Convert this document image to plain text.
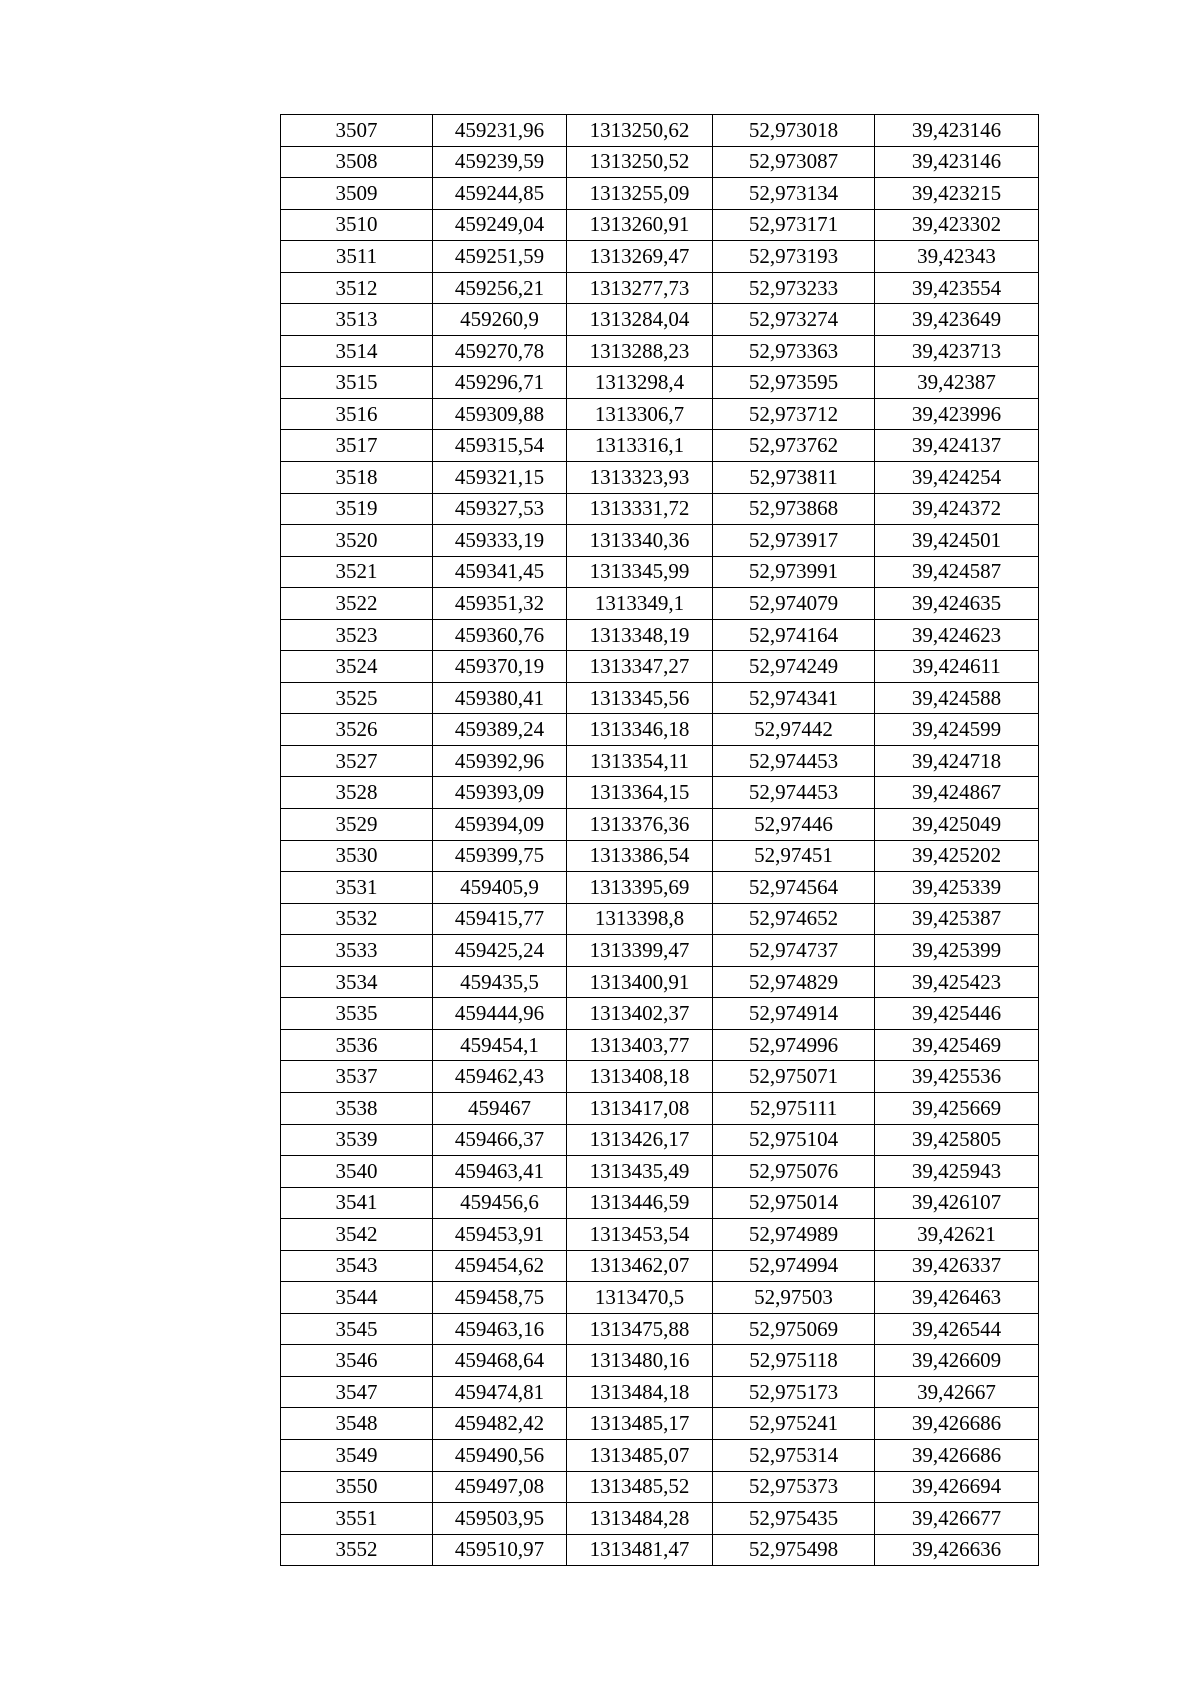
3507	459231,96	1313250,62	52,973018	39,423146
3508	459239,59	1313250,52	52,973087	39,423146
3509	459244,85	1313255,09	52,973134	39,423215
3510	459249,04	1313260,91	52,973171	39,423302
3511	459251,59	1313269,47	52,973193	39,42343
3512	459256,21	1313277,73	52,973233	39,423554
3513	459260,9	1313284,04	52,973274	39,423649
3514	459270,78	1313288,23	52,973363	39,423713
3515	459296,71	1313298,4	52,973595	39,42387
3516	459309,88	1313306,7	52,973712	39,423996
3517	459315,54	1313316,1	52,973762	39,424137
3518	459321,15	1313323,93	52,973811	39,424254
3519	459327,53	1313331,72	52,973868	39,424372
3520	459333,19	1313340,36	52,973917	39,424501
3521	459341,45	1313345,99	52,973991	39,424587
3522	459351,32	1313349,1	52,974079	39,424635
3523	459360,76	1313348,19	52,974164	39,424623
3524	459370,19	1313347,27	52,974249	39,424611
3525	459380,41	1313345,56	52,974341	39,424588
3526	459389,24	1313346,18	52,97442	39,424599
3527	459392,96	1313354,11	52,974453	39,424718
3528	459393,09	1313364,15	52,974453	39,424867
3529	459394,09	1313376,36	52,97446	39,425049
3530	459399,75	1313386,54	52,97451	39,425202
3531	459405,9	1313395,69	52,974564	39,425339
3532	459415,77	1313398,8	52,974652	39,425387
3533	459425,24	1313399,47	52,974737	39,425399
3534	459435,5	1313400,91	52,974829	39,425423
3535	459444,96	1313402,37	52,974914	39,425446
3536	459454,1	1313403,77	52,974996	39,425469
3537	459462,43	1313408,18	52,975071	39,425536
3538	459467	1313417,08	52,975111	39,425669
3539	459466,37	1313426,17	52,975104	39,425805
3540	459463,41	1313435,49	52,975076	39,425943
3541	459456,6	1313446,59	52,975014	39,426107
3542	459453,91	1313453,54	52,974989	39,42621
3543	459454,62	1313462,07	52,974994	39,426337
3544	459458,75	1313470,5	52,97503	39,426463
3545	459463,16	1313475,88	52,975069	39,426544
3546	459468,64	1313480,16	52,975118	39,426609
3547	459474,81	1313484,18	52,975173	39,42667
3548	459482,42	1313485,17	52,975241	39,426686
3549	459490,56	1313485,07	52,975314	39,426686
3550	459497,08	1313485,52	52,975373	39,426694
3551	459503,95	1313484,28	52,975435	39,426677
3552	459510,97	1313481,47	52,975498	39,426636
